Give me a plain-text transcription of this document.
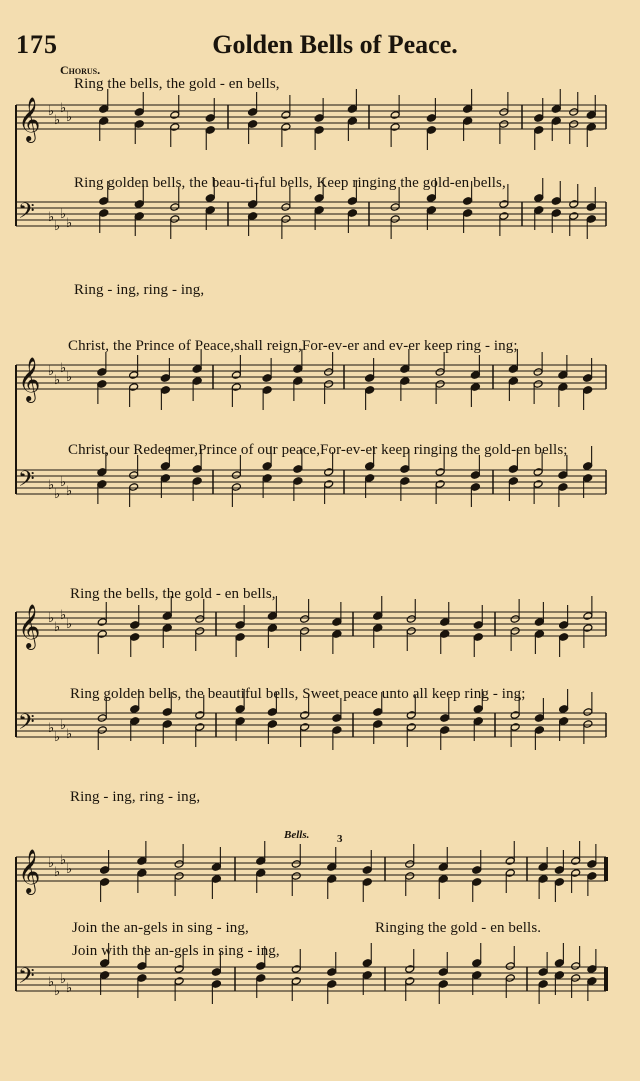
175	Golden Bells of Peace.
Chorus.
𝄞 ♭
♭
♭
♭
𝄢 ♭
♭
♭
♭
𝄞 ♭
♭
♭
♭
𝄢 ♭
♭
♭
♭
𝄞 ♭
♭
♭
♭
𝄢 ♭
♭
♭
♭
𝄞 ♭
♭
♭
♭
𝄢 ♭
♭
♭
♭
Ring the bells, the gold - en bells,
Ring golden bells, the beau-ti-ful bells, Keep ringing the gold-en bells,
Ring - ing, ring - ing,
Christ, the Prince of Peace,shall reign,For-ev-er and ev-er keep ring - ing;
Christ,our Redeemer,Prince of our peace,For-ev-er keep ringing the gold-en bells;
Ring the bells, the gold - en bells,
Ring golden bells, the beautiful bells, Sweet peace unto all keep ring - ing;
Ring - ing, ring - ing,
Bells.	3
Join the an-gels in sing - ing,	Ringing the gold - en bells.
Join with the an-gels in sing - ing,
